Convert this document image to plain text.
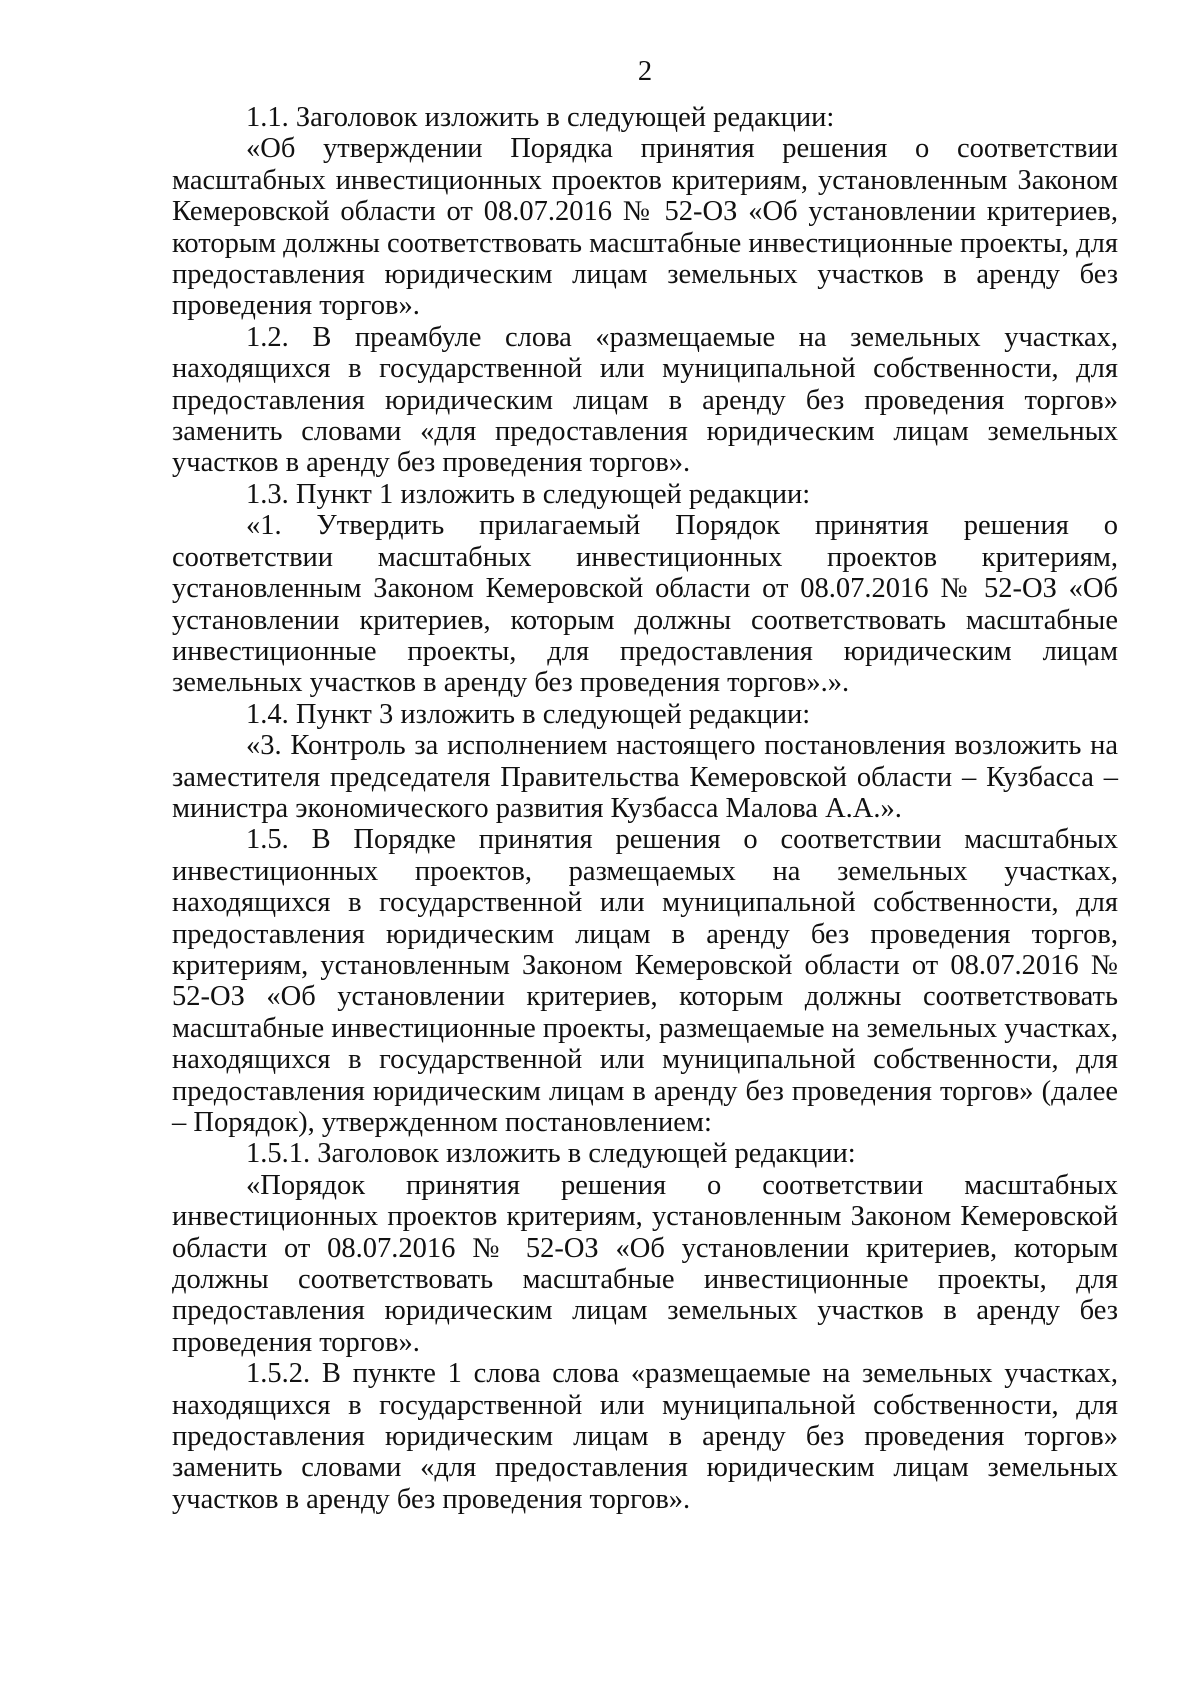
2

1.1. Заголовок изложить в следующей редакции:

«Об утверждении Порядка принятия решения о соответствии масштабных инвестиционных проектов критериям, установленным Законом Кемеровской области от 08.07.2016 № 52-ОЗ «Об установлении критериев, которым должны соответствовать масштабные инвестиционные проекты, для предоставления юридическим лицам земельных участков в аренду без проведения торгов».

1.2. В преамбуле слова «размещаемые на земельных участках, находящихся в государственной или муниципальной собственности, для предоставления юридическим лицам в аренду без проведения торгов» заменить словами «для предоставления юридическим лицам земельных участков в аренду без проведения торгов».

1.3. Пункт 1 изложить в следующей редакции:

«1. Утвердить прилагаемый Порядок принятия решения о соответствии масштабных инвестиционных проектов критериям, установленным Законом Кемеровской области от 08.07.2016 № 52-ОЗ «Об установлении критериев, которым должны соответствовать масштабные инвестиционные проекты, для предоставления юридическим лицам земельных участков в аренду без проведения торгов».».

1.4. Пункт 3 изложить в следующей редакции:

«3. Контроль за исполнением настоящего постановления возложить на заместителя председателя Правительства Кемеровской области – Кузбасса – министра экономического развития Кузбасса Малова А.А.».

1.5. В Порядке принятия решения о соответствии масштабных инвестиционных проектов, размещаемых на земельных участках, находящихся в государственной или муниципальной собственности, для предоставления юридическим лицам в аренду без проведения торгов, критериям, установленным Законом Кемеровской области от 08.07.2016 № 52-ОЗ «Об установлении критериев, которым должны соответствовать масштабные инвестиционные проекты, размещаемые на земельных участках, находящихся в государственной или муниципальной собственности, для предоставления юридическим лицам в аренду без проведения торгов» (далее – Порядок), утвержденном постановлением:

1.5.1. Заголовок изложить в следующей редакции:

«Порядок принятия решения о соответствии масштабных инвестиционных проектов критериям, установленным Законом Кемеровской области от 08.07.2016 № 52-ОЗ «Об установлении критериев, которым должны соответствовать масштабные инвестиционные проекты, для предоставления юридическим лицам земельных участков в аренду без проведения торгов».

1.5.2. В пункте 1 слова слова «размещаемые на земельных участках, находящихся в государственной или муниципальной собственности, для предоставления юридическим лицам в аренду без проведения торгов» заменить словами «для предоставления юридическим лицам земельных участков в аренду без проведения торгов».
